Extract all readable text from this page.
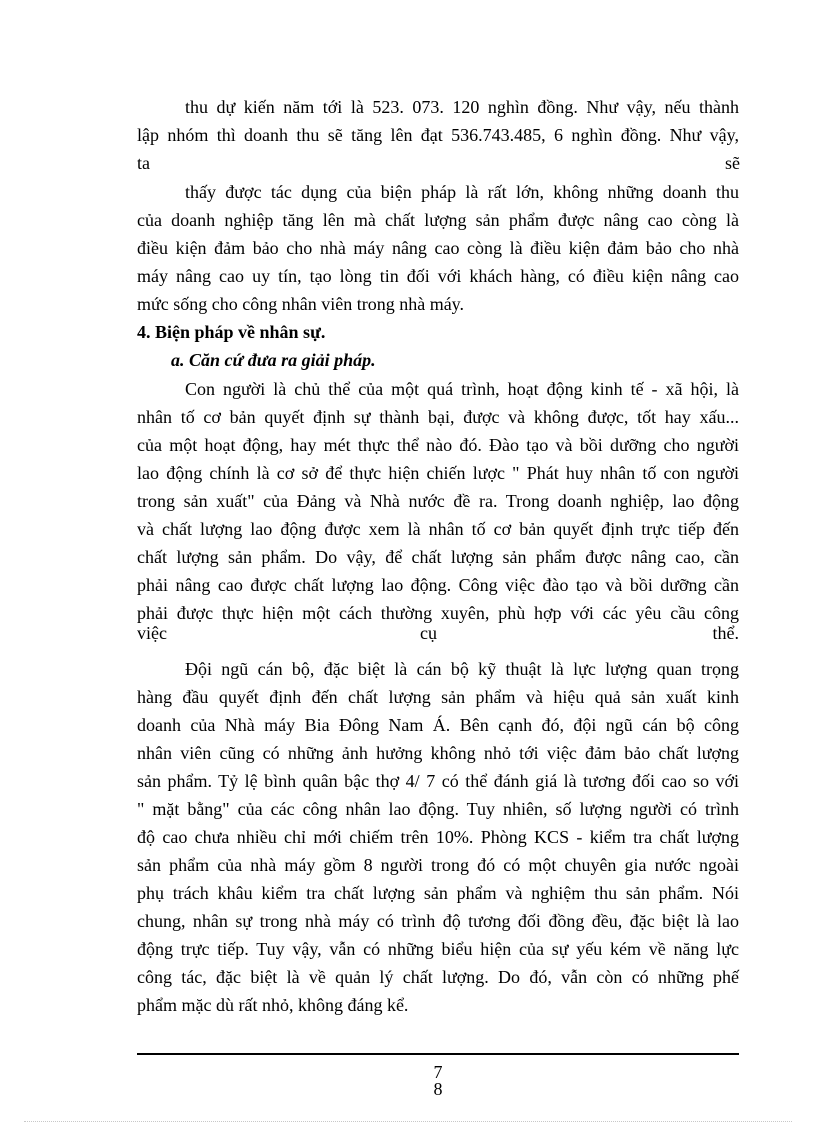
thu dự kiến năm tới là 523. 073. 120 nghìn đồng. Như vậy, nếu thành
lập nhóm thì doanh thu sẽ tăng lên đạt 536.743.485, 6 nghìn đồng. Như vậy,
ta	sẽ
thấy được tác dụng của biện pháp là rất lớn, không những doanh thu
của doanh nghiệp tăng lên mà chất lượng sản phẩm được nâng cao còng là
điều kiện đảm bảo cho nhà máy nâng cao còng là điều kiện đảm bảo cho nhà
máy nâng cao uy tín, tạo lòng tin đối với khách hàng, có điều kiện nâng cao
mức sống cho công nhân viên trong nhà máy.
4. Biện pháp về nhân sự.
a. Căn cứ đưa ra giải pháp.
Con người là chủ thể của một quá trình, hoạt động kinh tế - xã hội, là
nhân tố cơ bản quyết định sự thành bại, được và không được, tốt hay xấu...
của một hoạt động, hay mét thực thể nào đó. Đào tạo và bồi dưỡng cho người
lao động chính là cơ sở để thực hiện chiến lược " Phát huy nhân tố con người
trong sản xuất" của Đảng và Nhà nước đề ra. Trong doanh nghiệp, lao động
và chất lượng lao động được xem là nhân tố cơ bản quyết định trực tiếp đến
chất lượng sản phẩm. Do vậy, để chất lượng sản phẩm được nâng cao, cần
phải nâng cao được chất lượng lao động. Công việc đào tạo và bồi dưỡng cần
phải được thực hiện một cách thường xuyên, phù hợp với các yêu cầu công
việc	cụ	thể.
Đội ngũ cán bộ, đặc biệt là cán bộ kỹ thuật là lực lượng quan trọng
hàng đầu quyết định đến chất lượng sản phẩm và hiệu quả sản xuất kinh
doanh của Nhà máy Bia Đông Nam Á. Bên cạnh đó, đội ngũ cán bộ công
nhân viên cũng có những ảnh hưởng không nhỏ tới việc đảm bảo chất lượng
sản phẩm. Tỷ lệ bình quân bậc thợ 4/ 7 có thể đánh giá là tương đối cao so với
" mặt bằng" của các công nhân lao động. Tuy nhiên, số lượng người có trình
độ cao chưa nhiều chỉ mới chiếm trên 10%. Phòng KCS - kiểm tra chất lượng
sản phẩm của nhà máy gồm 8 người trong đó có một chuyên gia nước ngoài
phụ trách khâu kiểm tra chất lượng sản phẩm và nghiệm thu sản phẩm. Nói
chung, nhân sự trong nhà máy có trình độ tương đối đồng đều, đặc biệt là lao
động trực tiếp. Tuy vậy, vẫn có những biểu hiện của sự yếu kém về năng lực
công tác, đặc biệt là về quản lý chất lượng. Do đó, vẫn còn có những phế
phẩm mặc dù rất nhỏ, không đáng kể.
7
8
